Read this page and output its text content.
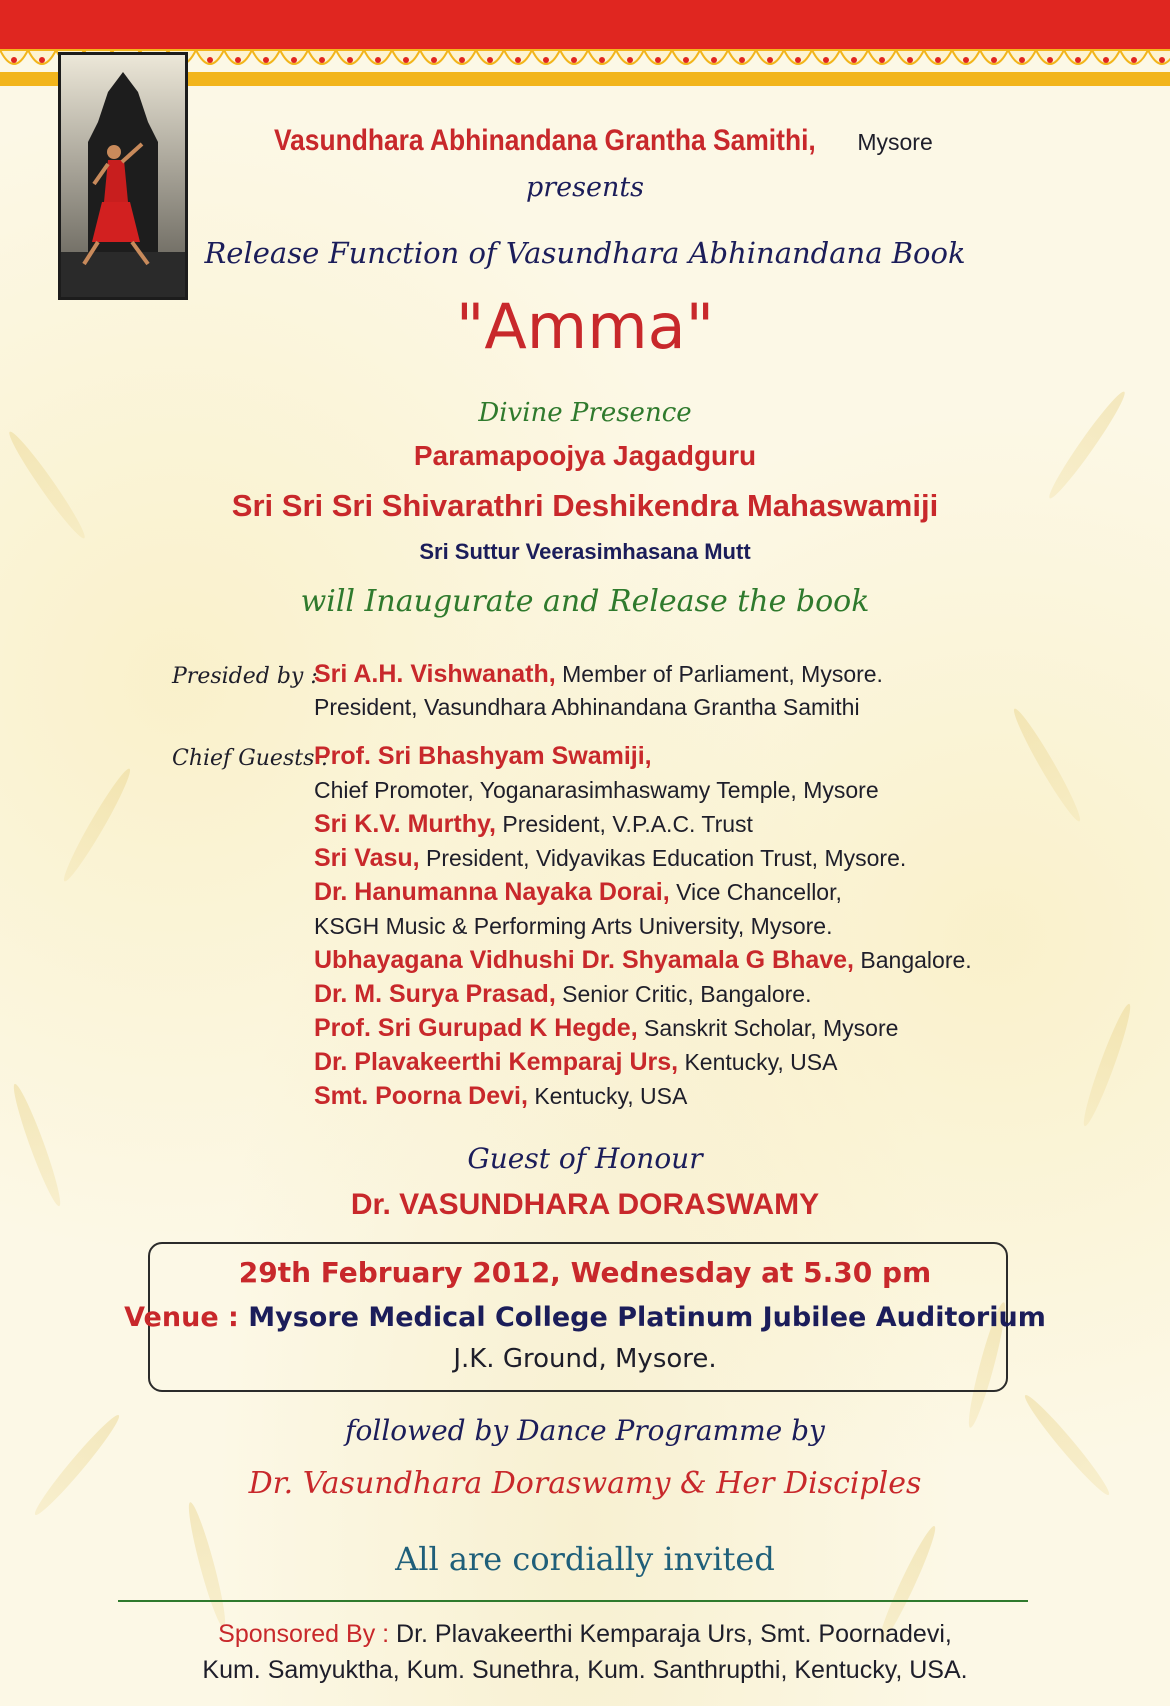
Vasundhara Abhinandana Grantha Samithi, Mysore
presents
Release Function of Vasundhara Abhinandana Book
"Amma"
Divine Presence
Paramapoojya Jagadguru
Sri Sri Sri Shivarathri Deshikendra Mahaswamiji
Sri Suttur Veerasimhasana Mutt
will Inaugurate and Release the book
Presided by :
Sri A.H. Vishwanath, Member of Parliament, Mysore.
President, Vasundhara Abhinandana Grantha Samithi
Chief Guests :
Prof. Sri Bhashyam Swamiji,
Chief Promoter, Yoganarasimhaswamy Temple, Mysore
Sri K.V. Murthy, President, V.P.A.C. Trust
Sri Vasu, President, Vidyavikas Education Trust, Mysore.
Dr. Hanumanna Nayaka Dorai, Vice Chancellor,
KSGH Music & Performing Arts University, Mysore.
Ubhayagana Vidhushi Dr. Shyamala G Bhave, Bangalore.
Dr. M. Surya Prasad, Senior Critic, Bangalore.
Prof. Sri Gurupad K Hegde, Sanskrit Scholar, Mysore
Dr. Plavakeerthi Kemparaj Urs, Kentucky, USA
Smt. Poorna Devi, Kentucky, USA
Guest of Honour
Dr. VASUNDHARA DORASWAMY
29th February 2012, Wednesday at 5.30 pm
Venue : Mysore Medical College Platinum Jubilee Auditorium
J.K. Ground, Mysore.
followed by Dance Programme by
Dr. Vasundhara Doraswamy & Her Disciples
All are cordially invited
Sponsored By : Dr. Plavakeerthi Kemparaja Urs, Smt. Poornadevi,
Kum. Samyuktha, Kum. Sunethra, Kum. Santhrupthi, Kentucky, USA.
